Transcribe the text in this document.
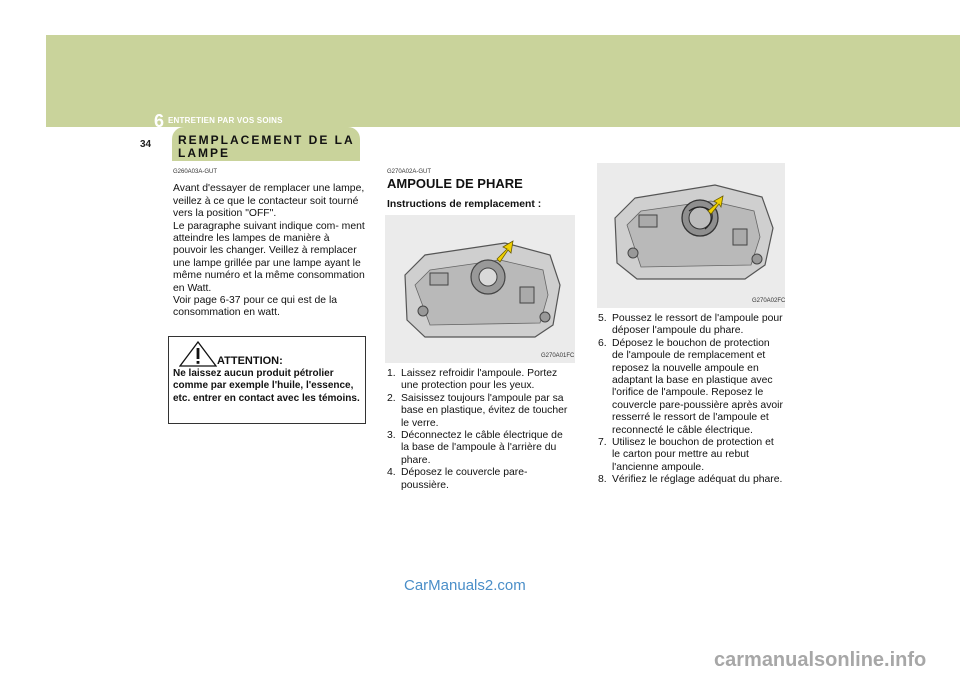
6 ENTRETIEN PAR VOS SOINS
34 REMPLACEMENT DE LA LAMPE
G260A03A-GUT

Avant d'essayer de remplacer une lampe, veillez à ce que le contacteur soit tourné vers la position "OFF".

Le paragraphe suivant indique com- ment atteindre les lampes de manière à pouvoir les changer. Veillez à remplacer une lampe grillée par une lampe ayant le même numéro et la même consommation en Watt.

Voir page 6-37 pour ce qui est de la consommation en watt.

ATTENTION:
Ne laissez aucun produit pétrolier comme par exemple l'huile, l'essence, etc. entrer en contact avec les témoins.
G270A02A-GUT
AMPOULE DE PHARE
Instructions de remplacement :
G270A01FC
1. Laissez refroidir l'ampoule. Portez une protection pour les yeux.
2. Saisissez toujours l'ampoule par sa base en plastique, évitez de toucher le verre.
3. Déconnectez le câble électrique de la base de l'ampoule à l'arrière du phare.
4. Déposez le couvercle pare- poussière.
G270A02FC
5. Poussez le ressort de l'ampoule pour déposer l'ampoule du phare.
6. Déposez le bouchon de protection de l'ampoule de remplacement et reposez la nouvelle ampoule en adaptant la base en plastique avec l'orifice de l'ampoule. Reposez le couvercle pare-poussière après avoir resserré le ressort de l'ampoule et reconnecté le câble électrique.
7. Utilisez le bouchon de protection et le carton pour mettre au rebut l'ancienne ampoule.
8. Vérifiez le réglage adéquat du phare.
CarManuals2.com
carmanualsonline.info
